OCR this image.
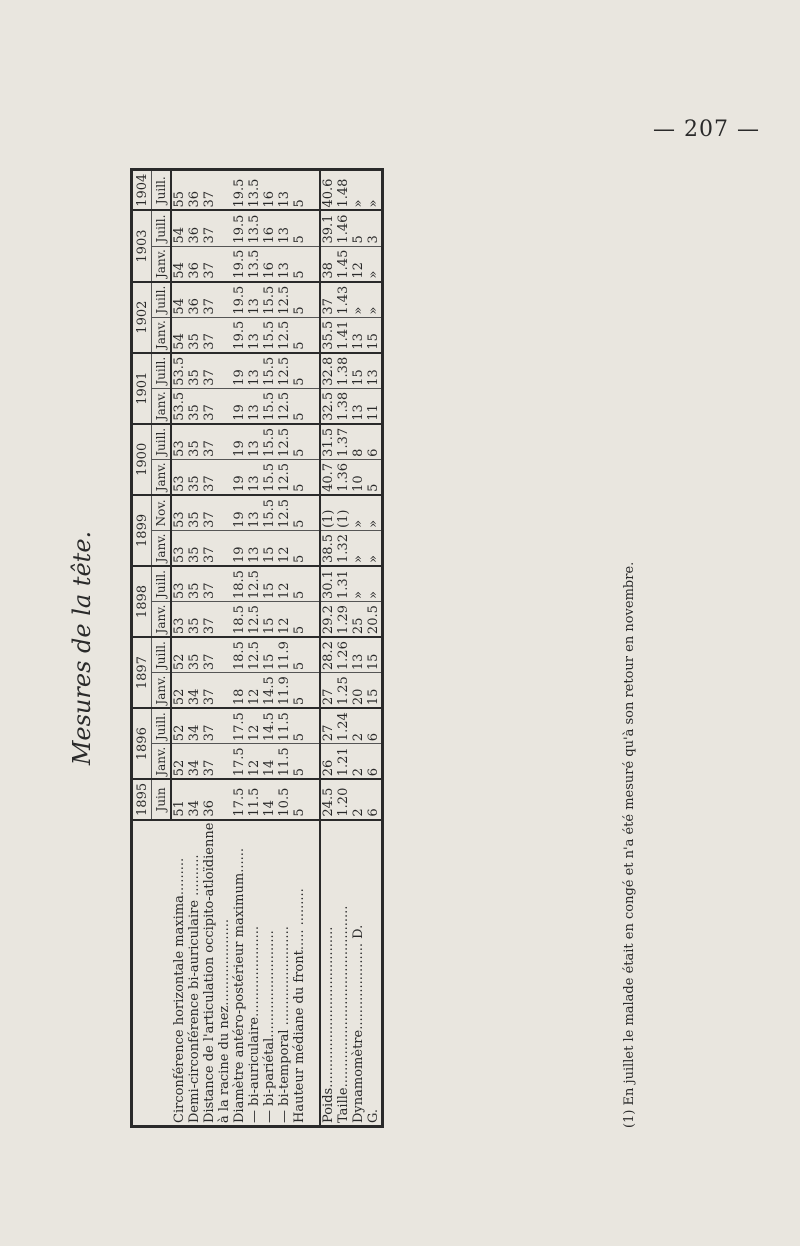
— 207 —
Mesures de la tête.
	1895	1896		1897		1898		1899		1900		1901		1902		1903		1904
	Juin	Janv.	Juill.	Janv.	Juill.	Janv.	Juill.	Janv.	Nov.	Janv.	Juill.	Janv.	Juill.	Janv.	Juill.	Janv.	Juill.	Juill.
Circonférence horizontale maxima.........	51	52	52	52	52	53	53	53	53	53	53	53.5	53.5	54	54	54	54	55
Demi-circonférence bi-auriculaire ..........	34	34	34	34	35	35	35	35	35	35	35	35	35	35	36	36	36	36
Distance de l'articulation occipito-atloïdienne	36	37	37	37	37	37	37	37	37	37	37	37	37	37	37	37	37	37
à la racine du nez.....................																		
Diamètre antéro-postérieur maximum......	17.5	17.5	17.5	18	18.5	18.5	18.5	19	19	19	19	19	19	19.5	19.5	19.5	19.5	19.5
— bi-auriculaire......................	11.5	12	12	12	12.5	12.5	12.5	13	13	13	13	13	13	13	13	13.5	13.5	13.5
— bi-pariétal..........................	14	14	14.5	14.5	15	15	15	15	15.5	15.5	15.5	15.5	15.5	15.5	15.5	16	16	16
— bi-temporal ........................	10.5	11.5	11.5	11.9	11.9	12	12	12	12.5	12.5	12.5	12.5	12.5	12.5	12.5	13	13	13
Hauteur médiane du front..... .........	5	5	5	5	5	5	5	5	5	5	5	5	5	5	5	5	5	5

Poids.......................................	24.5	26	27	27	28.2	29.2	30.1	38.5	(1)	40.7	31.5	32.5	32.8	35.5	37	38	39.1	40.6
Taille............................................	1.20	1.21	1.24	1.25	1.26	1.29	1.31	1.32	(1)	1.36	1.37	1.38	1.38	1.41	1.43	1.45	1.46	1.48
Dynamomètre..................... D.	2	2	2	20	13	25	»	»	»	10	8	13	15	13	»	12	5	»
G.	6	6	6	15	15	20.5	»	»	»	5	6	11	13	15	»	»	3	»
(1) En juillet le malade était en congé et n'a été mesuré qu'à son retour en novembre.
